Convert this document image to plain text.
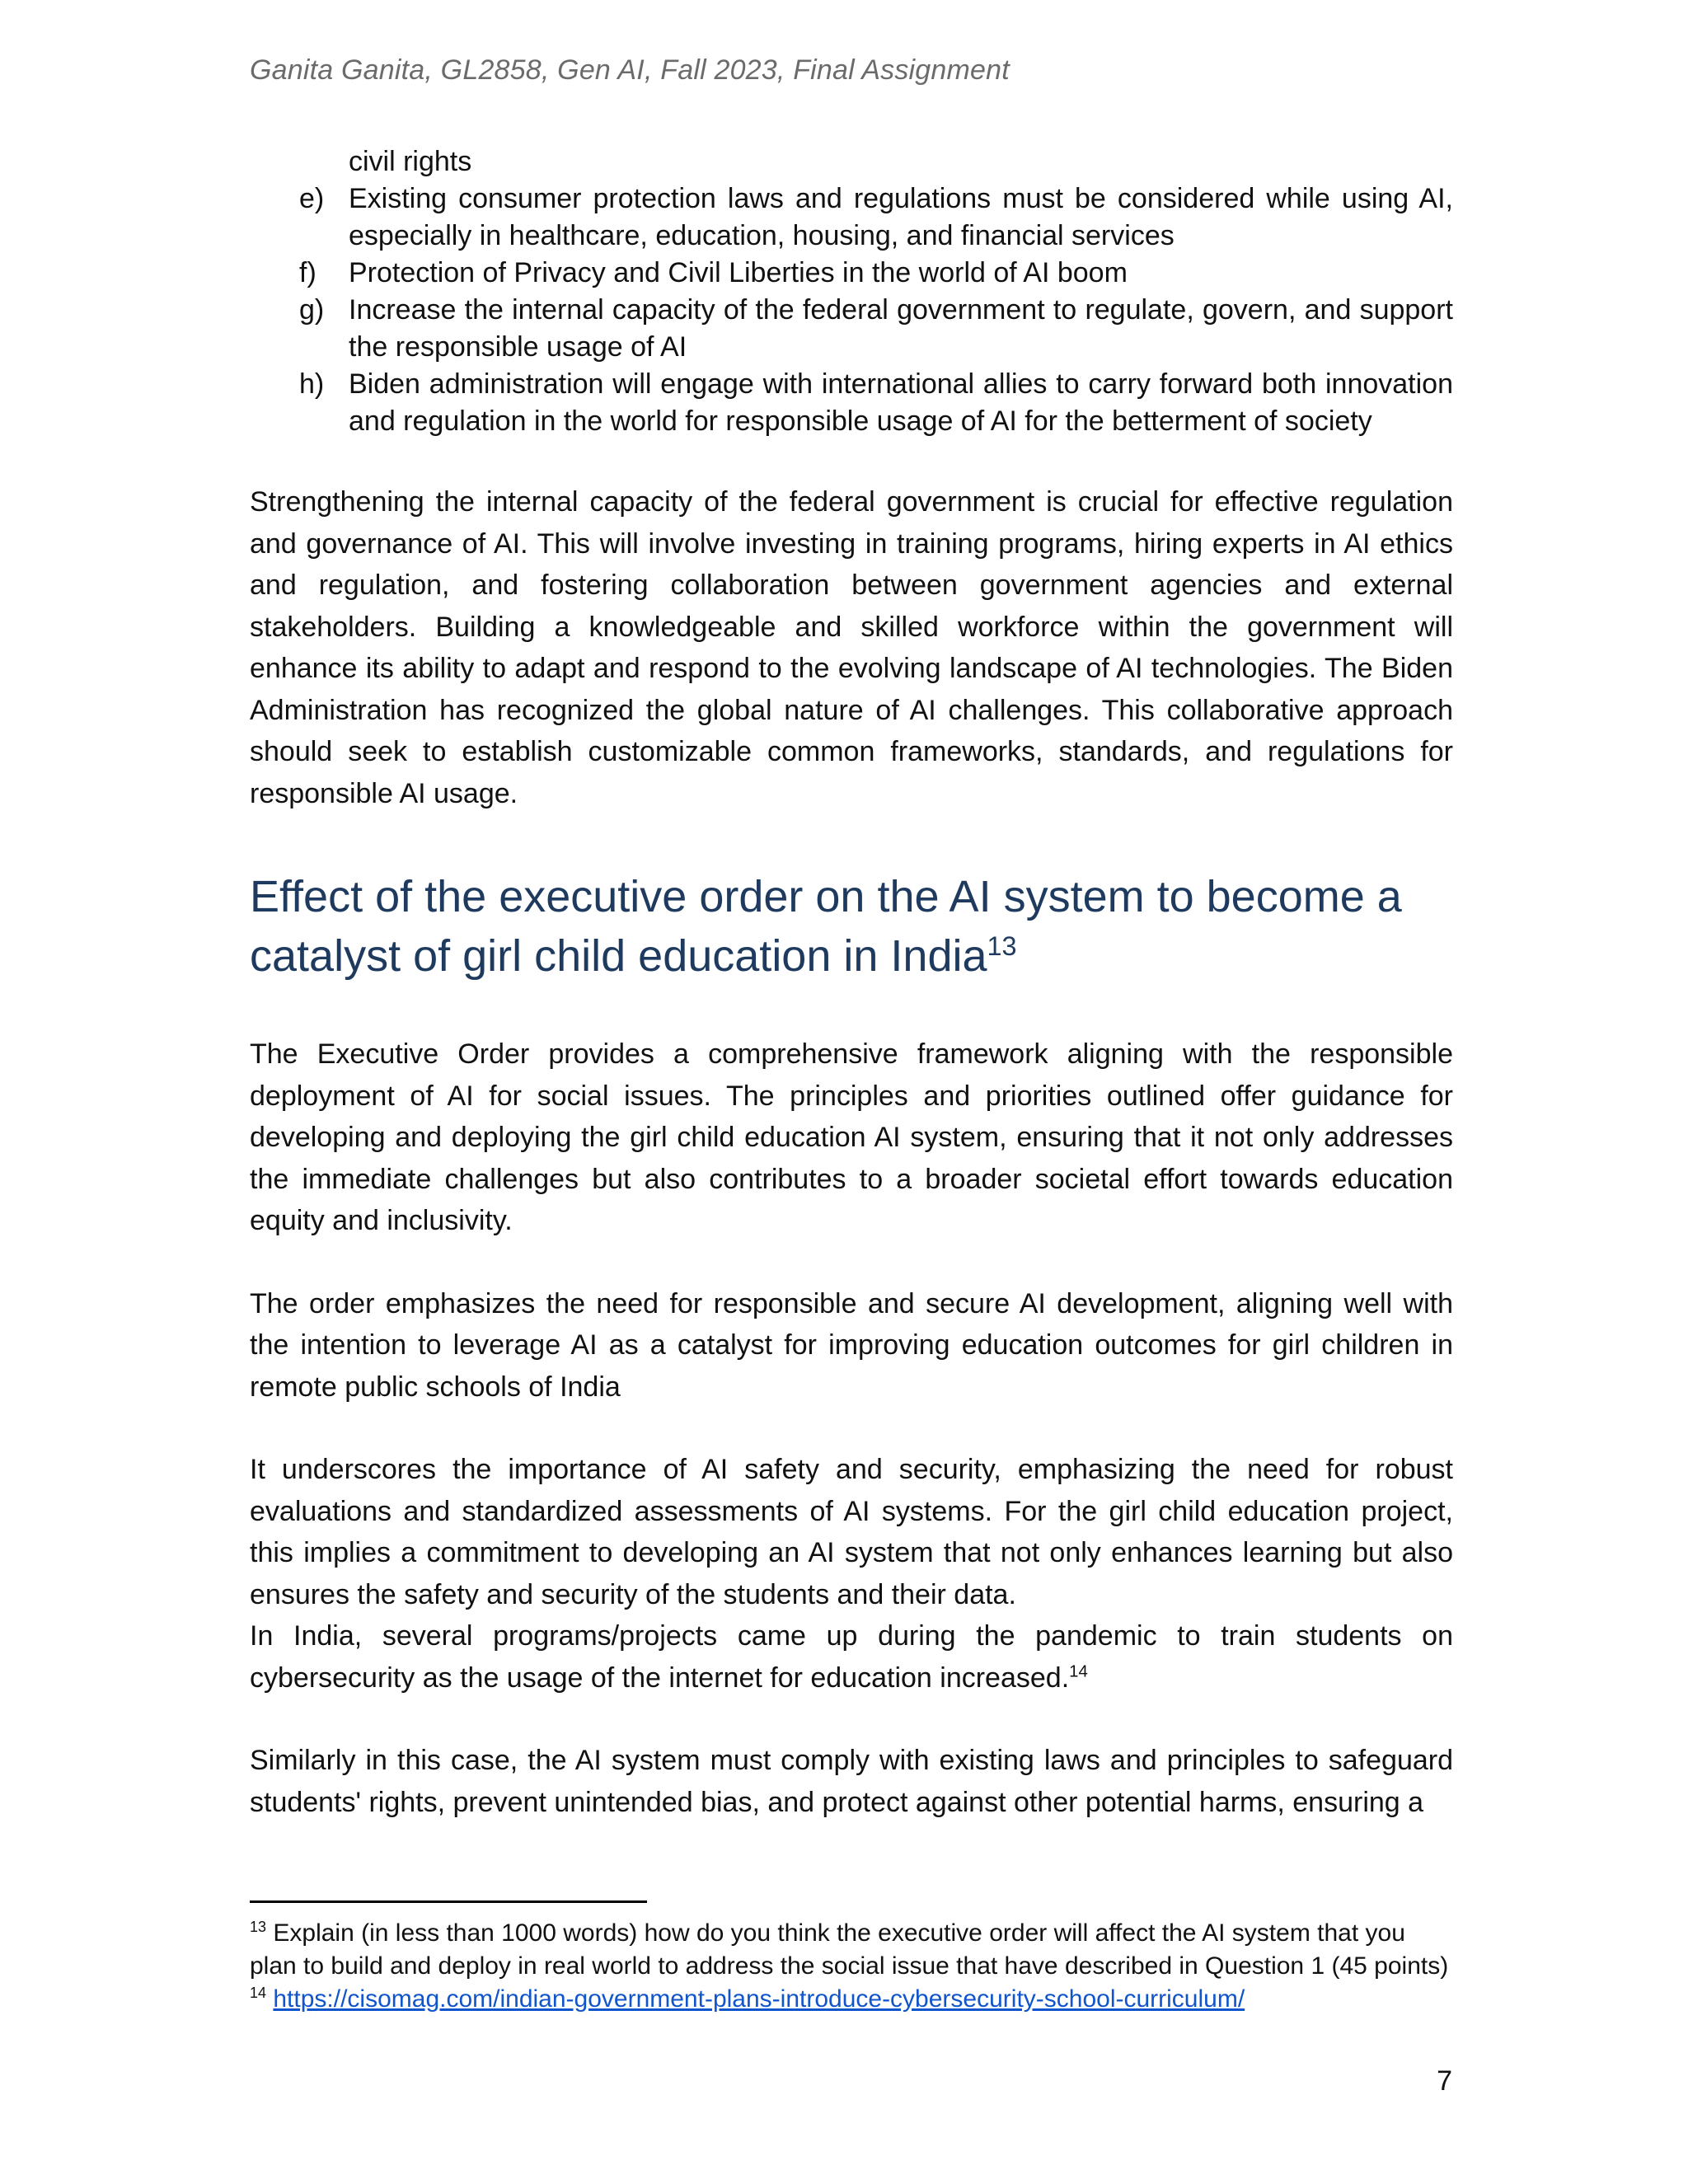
Ganita Ganita, GL2858, Gen AI, Fall 2023, Final Assignment

civil rights

e) Existing consumer protection laws and regulations must be considered while using AI, especially in healthcare, education, housing, and financial services
f) Protection of Privacy and Civil Liberties in the world of AI boom
g) Increase the internal capacity of the federal government to regulate, govern, and support the responsible usage of AI
h) Biden administration will engage with international allies to carry forward both innovation and regulation in the world for responsible usage of AI for the betterment of society

Strengthening the internal capacity of the federal government is crucial for effective regulation and governance of AI. This will involve investing in training programs, hiring experts in AI ethics and regulation, and fostering collaboration between government agencies and external stakeholders. Building a knowledgeable and skilled workforce within the government will enhance its ability to adapt and respond to the evolving landscape of AI technologies. The Biden Administration has recognized the global nature of AI challenges. This collaborative approach should seek to establish customizable common frameworks, standards, and regulations for responsible AI usage.

Effect of the executive order on the AI system to become a catalyst of girl child education in India$^{13}$

The Executive Order provides a comprehensive framework aligning with the responsible deployment of AI for social issues. The principles and priorities outlined offer guidance for developing and deploying the girl child education AI system, ensuring that it not only addresses the immediate challenges but also contributes to a broader societal effort towards education equity and inclusivity.

The order emphasizes the need for responsible and secure AI development, aligning well with the intention to leverage AI as a catalyst for improving education outcomes for girl children in remote public schools of India

It underscores the importance of AI safety and security, emphasizing the need for robust evaluations and standardized assessments of AI systems. For the girl child education project, this implies a commitment to developing an AI system that not only enhances learning but also ensures the safety and security of the students and their data.

In India, several programs/projects came up during the pandemic to train students on cybersecurity as the usage of the internet for education increased.$^{14}$

Similarly in this case, the AI system must comply with existing laws and principles to safeguard students' rights, prevent unintended bias, and protect against other potential harms, ensuring a

$^{13}$ Explain (in less than 1000 words) how do you think the executive order will affect the AI system that you plan to build and deploy in real world to address the social issue that have described in Question 1 (45 points)

$^{14}$ https://cisomag.com/indian-government-plans-introduce-cybersecurity-school-curriculum/

7
